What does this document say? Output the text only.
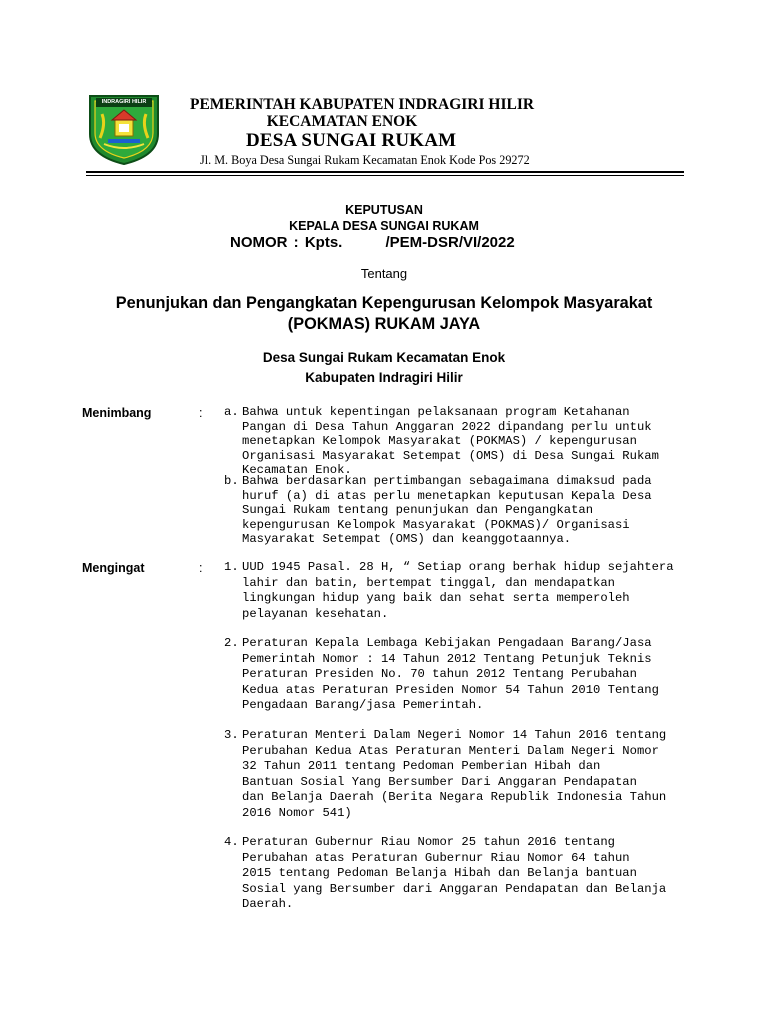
INDRAGIRI HILIR	PEMERINTAH KABUPATEN INDRAGIRI HILIR
KECAMATAN ENOK
DESA SUNGAI RUKAM
Jl. M. Boya Desa Sungai Rukam Kecamatan Enok Kode Pos 29272
KEPUTUSAN
KEPALA DESA SUNGAI RUKAM
NOMOR : Kpts.       /PEM-DSR/VI/2022
Tentang
Penunjukan dan Pengangkatan Kepengurusan Kelompok Masyarakat
(POKMAS) RUKAM JAYA
Desa Sungai Rukam Kecamatan Enok
Kabupaten Indragiri Hilir
Menimbang	: a. Bahwa untuk kepentingan pelaksanaan program Ketahanan
Pangan di Desa Tahun Anggaran 2022 dipandang perlu untuk
menetapkan Kelompok Masyarakat (POKMAS) / kepengurusan
Organisasi Masyarakat Setempat (OMS) di Desa Sungai Rukam
Kecamatan Enok.
b. Bahwa berdasarkan pertimbangan sebagaimana dimaksud pada
huruf (a) di atas perlu menetapkan keputusan Kepala Desa
Sungai Rukam tentang penunjukan dan Pengangkatan
kepengurusan Kelompok Masyarakat (POKMAS)/ Organisasi
Masyarakat Setempat (OMS) dan keanggotaannya.
Mengingat	: 1. UUD 1945 Pasal. 28 H, “ Setiap orang berhak hidup sejahtera
lahir dan batin, bertempat tinggal, dan mendapatkan
lingkungan hidup yang baik dan sehat serta memperoleh
pelayanan kesehatan.
2. Peraturan Kepala Lembaga Kebijakan Pengadaan Barang/Jasa
Pemerintah Nomor : 14 Tahun 2012 Tentang Petunjuk Teknis
Peraturan Presiden No. 70 tahun 2012 Tentang Perubahan
Kedua atas Peraturan Presiden Nomor 54 Tahun 2010 Tentang
Pengadaan Barang/jasa Pemerintah.
3. Peraturan Menteri Dalam Negeri Nomor 14 Tahun 2016 tentang
Perubahan Kedua Atas Peraturan Menteri Dalam Negeri Nomor
32 Tahun 2011 tentang Pedoman Pemberian Hibah dan
Bantuan Sosial Yang Bersumber Dari Anggaran Pendapatan
dan Belanja Daerah (Berita Negara Republik Indonesia Tahun
2016 Nomor 541)
4. Peraturan Gubernur Riau Nomor 25 tahun 2016 tentang
Perubahan atas Peraturan Gubernur Riau Nomor 64 tahun
2015 tentang Pedoman Belanja Hibah dan Belanja bantuan
Sosial yang Bersumber dari Anggaran Pendapatan dan Belanja
Daerah.
